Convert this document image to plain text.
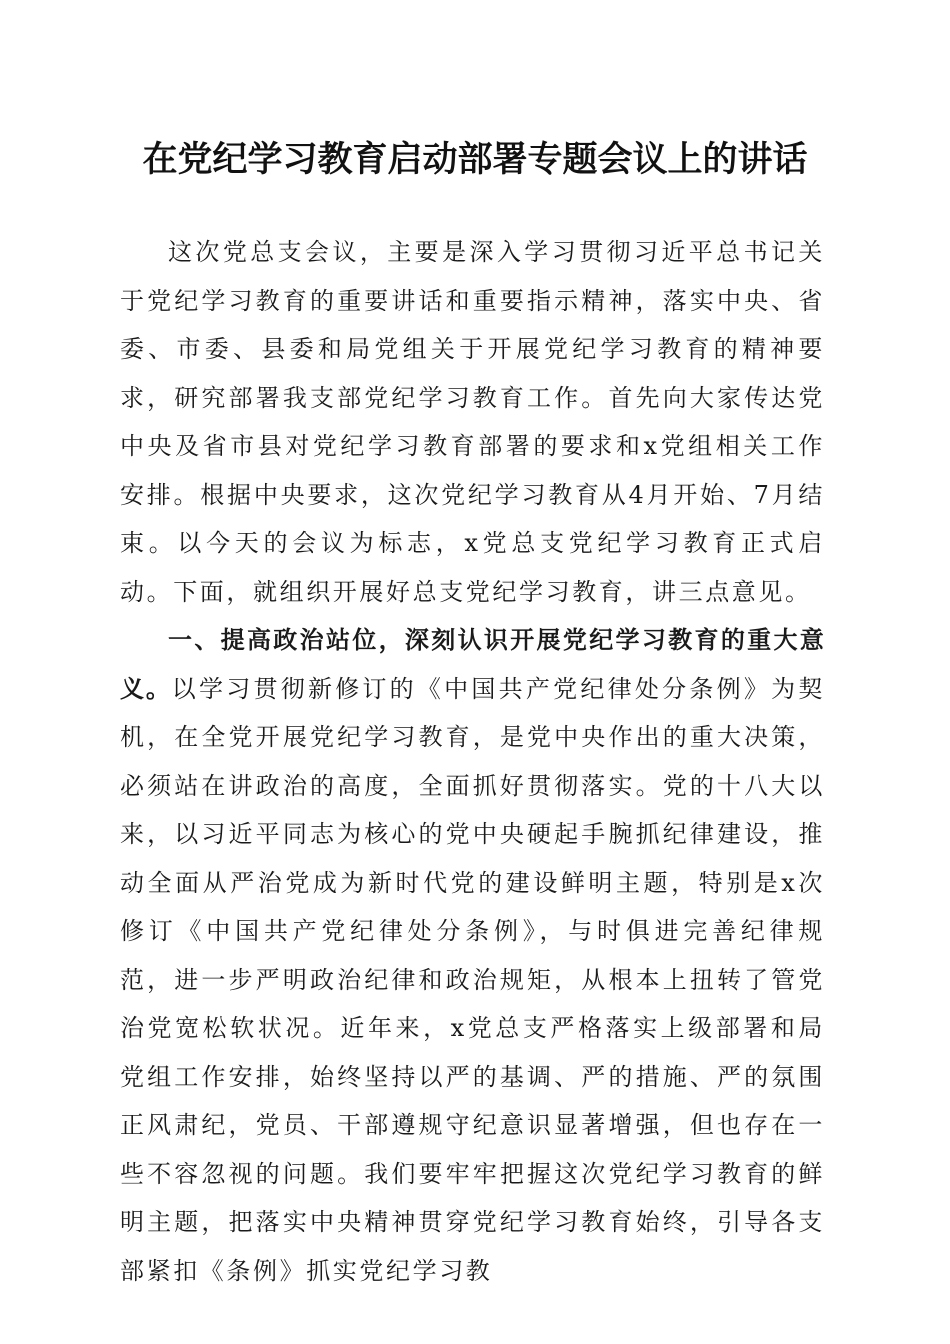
在党纪学习教育启动部署专题会议上的讲话

这次党总支会议，主要是深入学习贯彻习近平总书记关于党纪学习教育的重要讲话和重要指示精神，落实中央、省委、市委、县委和局党组关于开展党纪学习教育的精神要求，研究部署我支部党纪学习教育工作。首先向大家传达党中央及省市县对党纪学习教育部署的要求和x党组相关工作安排。根据中央要求，这次党纪学习教育从4月开始、7月结束。以今天的会议为标志，x党总支党纪学习教育正式启动。下面，就组织开展好总支党纪学习教育，讲三点意见。

一、提高政治站位，深刻认识开展党纪学习教育的重大意义。以学习贯彻新修订的《中国共产党纪律处分条例》为契机，在全党开展党纪学习教育，是党中央作出的重大决策，必须站在讲政治的高度，全面抓好贯彻落实。党的十八大以来，以习近平同志为核心的党中央硬起手腕抓纪律建设，推动全面从严治党成为新时代党的建设鲜明主题，特别是x次修订《中国共产党纪律处分条例》，与时俱进完善纪律规范，进一步严明政治纪律和政治规矩，从根本上扭转了管党治党宽松软状况。近年来，x党总支严格落实上级部署和局党组工作安排，始终坚持以严的基调、严的措施、严的氛围正风肃纪，党员、干部遵规守纪意识显著增强，但也存在一些不容忽视的问题。我们要牢牢把握这次党纪学习教育的鲜明主题，把落实中央精神贯穿党纪学习教育始终，引导各支部紧扣《条例》抓实党纪学习教
